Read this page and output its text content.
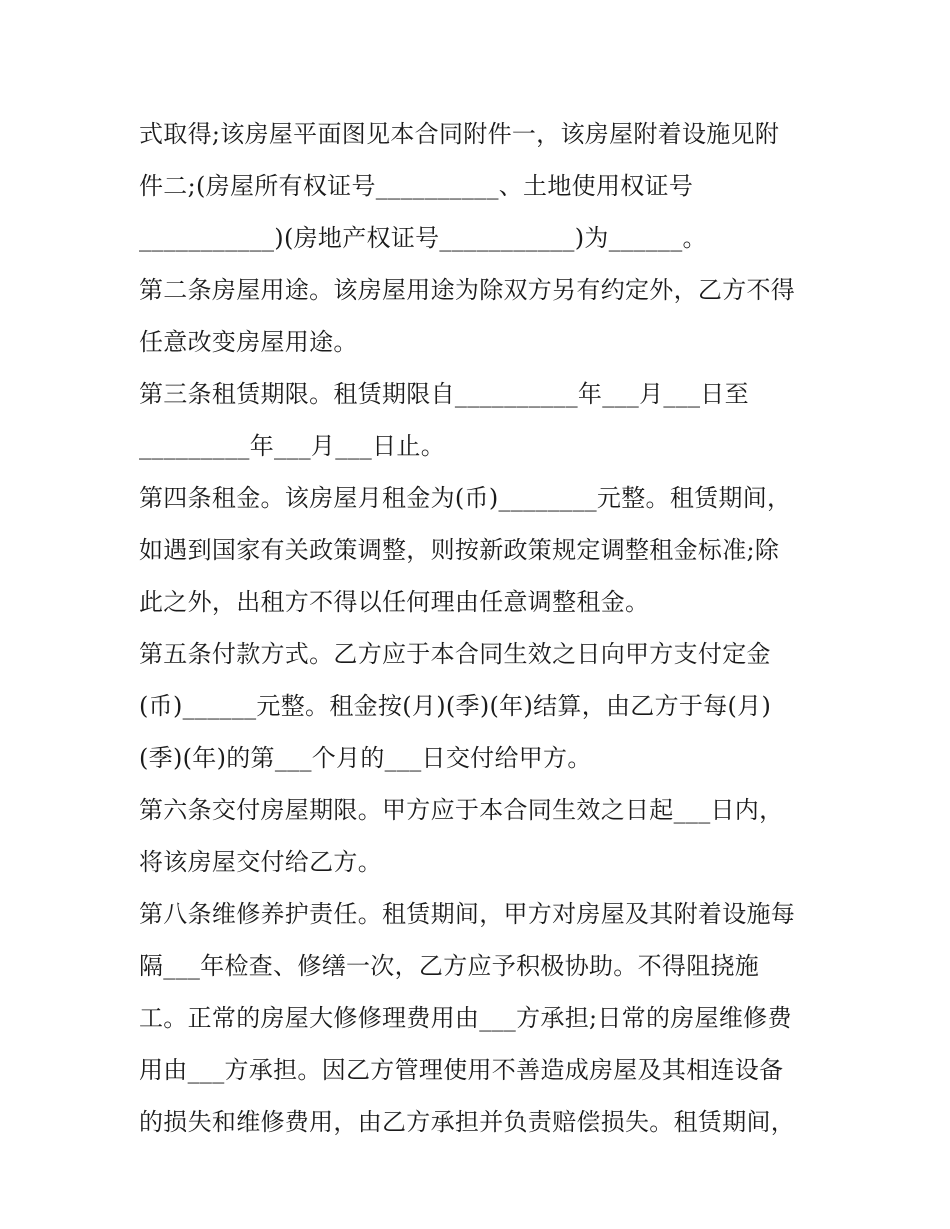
式取得;该房屋平面图见本合同附件一，该房屋附着设施见附
件二;(房屋所有权证号__________、土地使用权证号
___________)(房地产权证号___________)为______。
第二条房屋用途。该房屋用途为除双方另有约定外，乙方不得
任意改变房屋用途。
第三条租赁期限。租赁期限自__________年___月___日至
_________年___月___日止。
第四条租金。该房屋月租金为(币)________元整。租赁期间，
如遇到国家有关政策调整，则按新政策规定调整租金标准;除
此之外，出租方不得以任何理由任意调整租金。
第五条付款方式。乙方应于本合同生效之日向甲方支付定金
(币)______元整。租金按(月)(季)(年)结算，由乙方于每(月)
(季)(年)的第___个月的___日交付给甲方。
第六条交付房屋期限。甲方应于本合同生效之日起___日内，
将该房屋交付给乙方。
第八条维修养护责任。租赁期间，甲方对房屋及其附着设施每
隔___年检查、修缮一次，乙方应予积极协助。不得阻挠施
工。正常的房屋大修修理费用由___方承担;日常的房屋维修费
用由___方承担。因乙方管理使用不善造成房屋及其相连设备
的损失和维修费用，由乙方承担并负责赔偿损失。租赁期间，
